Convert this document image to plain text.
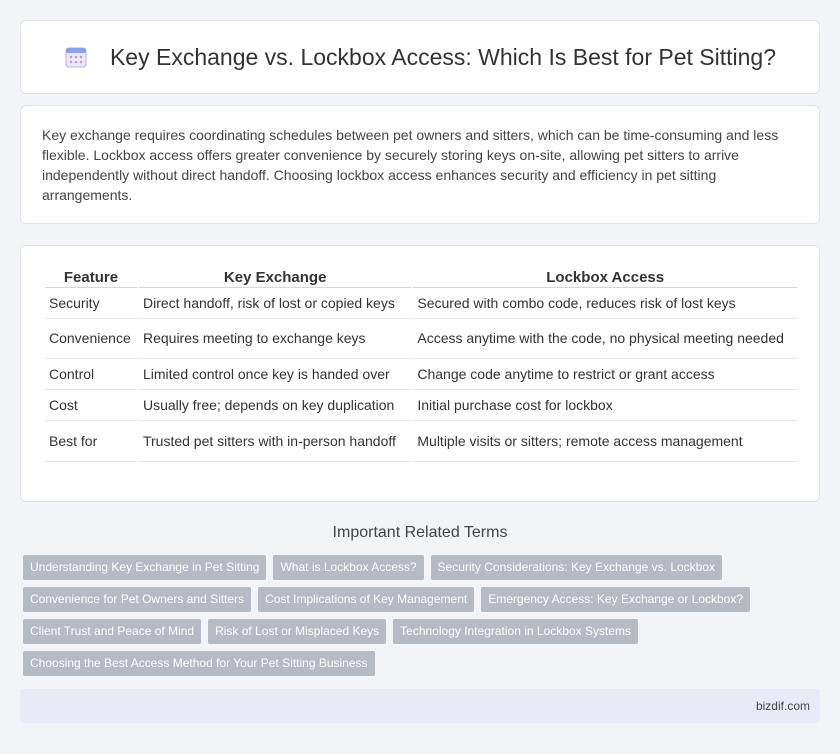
Key Exchange vs. Lockbox Access: Which Is Best for Pet Sitting?

Key exchange requires coordinating schedules between pet owners and sitters, which can be time-consuming and less flexible. Lockbox access offers greater convenience by securely storing keys on-site, allowing pet sitters to arrive independently without direct handoff. Choosing lockbox access enhances security and efficiency in pet sitting arrangements.

Feature	Key Exchange	Lockbox Access
Security	Direct handoff, risk of lost or copied keys	Secured with combo code, reduces risk of lost keys
Convenience	Requires meeting to exchange keys	Access anytime with the code, no physical meeting needed
Control	Limited control once key is handed over	Change code anytime to restrict or grant access
Cost	Usually free; depends on key duplication	Initial purchase cost for lockbox
Best for	Trusted pet sitters with in-person handoff	Multiple visits or sitters; remote access management
Important Related Terms
Understanding Key Exchange in Pet Sitting	What is Lockbox Access?	Security Considerations: Key Exchange vs. Lockbox
Convenience for Pet Owners and Sitters	Cost Implications of Key Management	Emergency Access: Key Exchange or Lockbox?
Client Trust and Peace of Mind	Risk of Lost or Misplaced Keys	Technology Integration in Lockbox Systems
Choosing the Best Access Method for Your Pet Sitting Business
bizdif.com
